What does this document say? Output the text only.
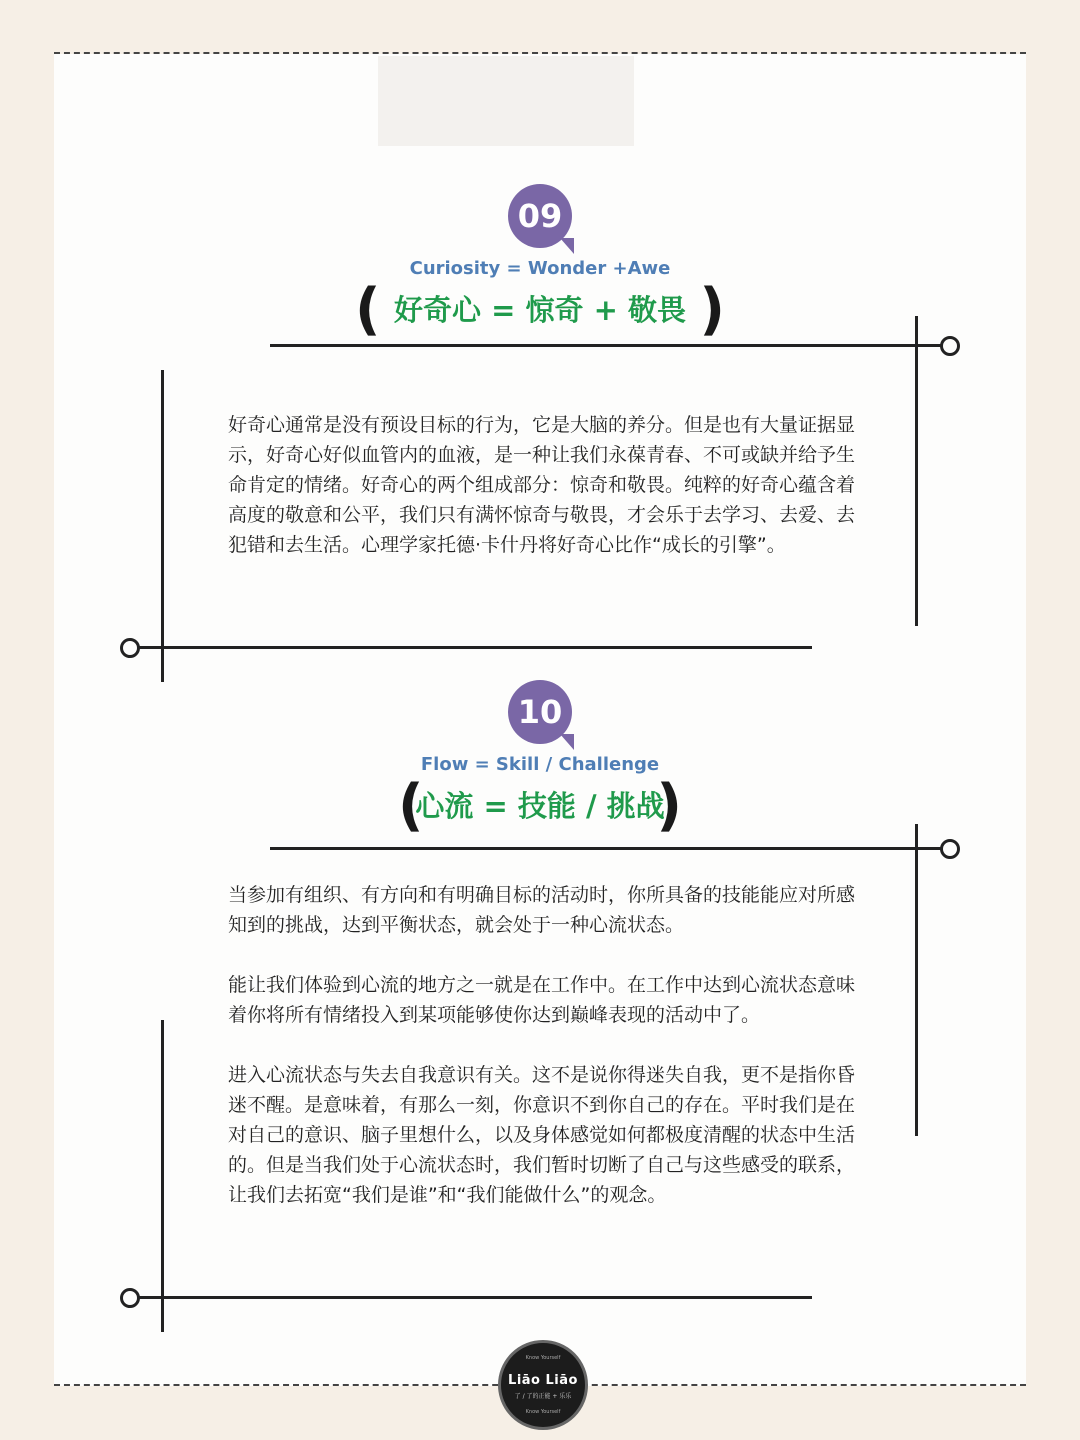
09
Curiosity = Wonder +Awe
( 好奇心 = 惊奇 + 敬畏 )

好奇心通常是没有预设目标的行为，它是大脑的养分。但是也有大量证据显示，好奇心好似血管内的血液，是一种让我们永葆青春、不可或缺并给予生命肯定的情绪。好奇心的两个组成部分：惊奇和敬畏。纯粹的好奇心蕴含着高度的敬意和公平，我们只有满怀惊奇与敬畏，才会乐于去学习、去爱、去犯错和去生活。心理学家托德·卡什丹将好奇心比作“成长的引擎”。

10
Flow = Skill / Challenge
(
心流 = 技能 / 挑战
)

当参加有组织、有方向和有明确目标的活动时，你所具备的技能能应对所感知到的挑战，达到平衡状态，就会处于一种心流状态。

能让我们体验到心流的地方之一就是在工作中。在工作中达到心流状态意味着你将所有情绪投入到某项能够使你达到巅峰表现的活动中了。

进入心流状态与失去自我意识有关。这不是说你得迷失自我，更不是指你昏迷不醒。是意味着，有那么一刻，你意识不到你自己的存在。平时我们是在对自己的意识、脑子里想什么，以及身体感觉如何都极度清醒的状态中生活的。但是当我们处于心流状态时，我们暂时切断了自己与这些感受的联系，让我们去拓宽“我们是谁”和“我们能做什么”的观念。

Know Yourself
Liāo Liāo
了 / 了的正能 + 乐乐
Know Yourself
